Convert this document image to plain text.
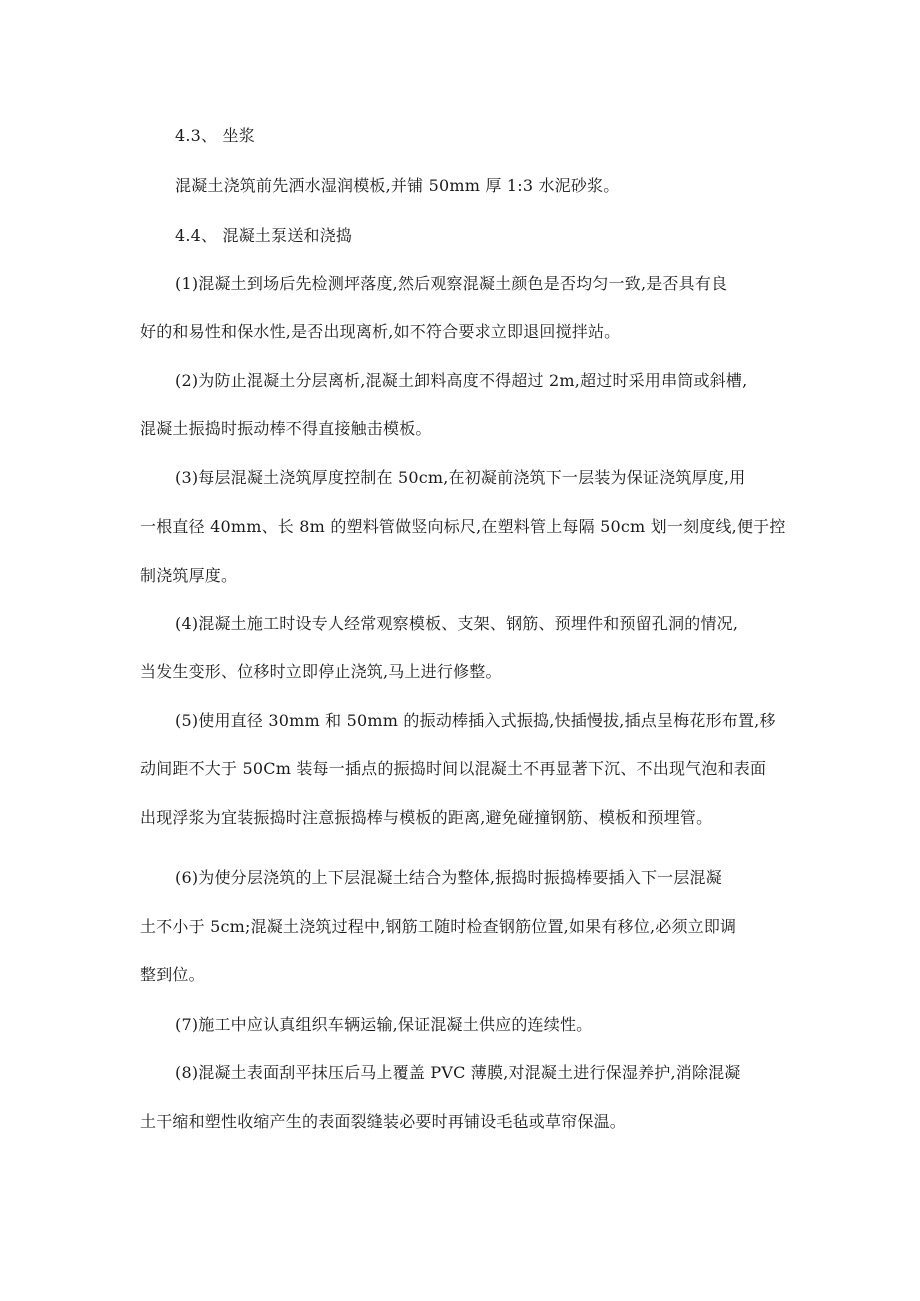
4.3、 坐浆
混凝土浇筑前先洒水湿润模板,并铺 50mm 厚 1:3 水泥砂浆。
4.4、 混凝土泵送和浇捣
(1)混凝土到场后先检测坪落度,然后观察混凝土颜色是否均匀一致,是否具有良
好的和易性和保水性,是否出现离析,如不符合要求立即退回搅拌站。
(2)为防止混凝土分层离析,混凝土卸料高度不得超过 2m,超过时采用串筒或斜槽,
混凝土振捣时振动棒不得直接触击模板。
(3)每层混凝土浇筑厚度控制在 50cm,在初凝前浇筑下一层装为保证浇筑厚度,用
一根直径 40mm、长 8m 的塑料管做竖向标尺,在塑料管上每隔 50cm 划一刻度线,便于控
制浇筑厚度。
(4)混凝土施工时设专人经常观察模板、支架、钢筋、预埋件和预留孔洞的情况,
当发生变形、位移时立即停止浇筑,马上进行修整。
(5)使用直径 30mm 和 50mm 的振动棒插入式振捣,快插慢拔,插点呈梅花形布置,移
动间距不大于 50Cm 装每一插点的振捣时间以混凝土不再显著下沉、不出现气泡和表面
出现浮浆为宜装振捣时注意振捣棒与模板的距离,避免碰撞钢筋、模板和预埋管。
(6)为使分层浇筑的上下层混凝土结合为整体,振捣时振捣棒要插入下一层混凝
土不小于 5cm;混凝土浇筑过程中,钢筋工随时检查钢筋位置,如果有移位,必须立即调
整到位。
(7)施工中应认真组织车辆运输,保证混凝土供应的连续性。
(8)混凝土表面刮平抹压后马上覆盖 PVC 薄膜,对混凝土进行保湿养护,消除混凝
土干缩和塑性收缩产生的表面裂缝装必要时再铺设毛毡或草帘保温。
